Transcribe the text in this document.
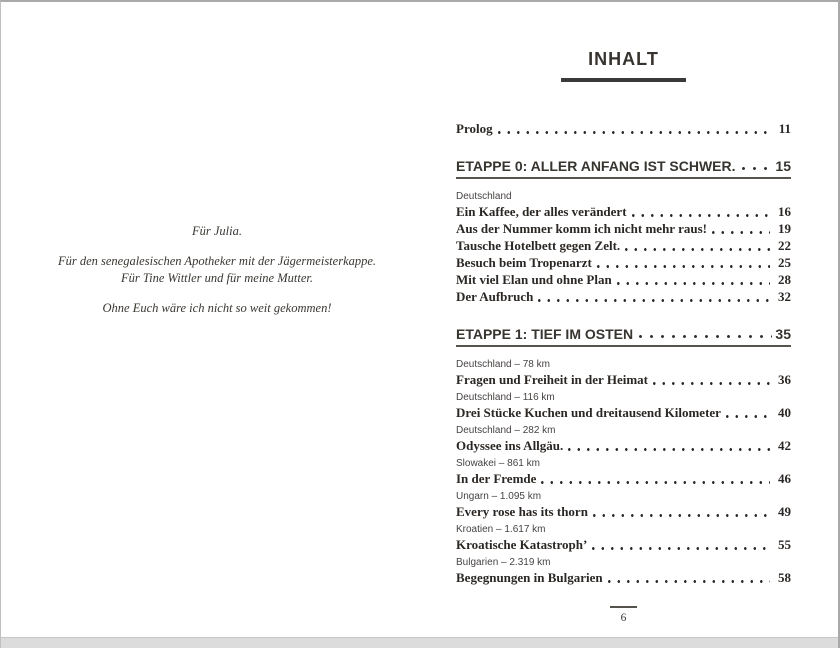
Für Julia.

Für den senegalesischen Apotheker mit der Jägermeisterkappe.

Für Tine Wittler und für meine Mutter.

Ohne Euch wäre ich nicht so weit gekommen!

INHALT
Prolog	11
ETAPPE 0: ALLER ANFANG IST SCHWER.	15
Deutschland
Ein Kaffee, der alles verändert	16
Aus der Nummer komm ich nicht mehr raus!	19
Tausche Hotelbett gegen Zelt.	22
Besuch beim Tropenarzt	25
Mit viel Elan und ohne Plan	28
Der Aufbruch	32
ETAPPE 1: TIEF IM OSTEN	35
Deutschland – 78 km
Fragen und Freiheit in der Heimat	36
Deutschland – 116 km
Drei Stücke Kuchen und dreitausend Kilometer	40
Deutschland – 282 km
Odyssee ins Allgäu.	42
Slowakei – 861 km
In der Fremde	46
Ungarn – 1.095 km
Every rose has its thorn	49
Kroatien – 1.617 km
Kroatische Katastroph’	55
Bulgarien – 2.319 km
Begegnungen in Bulgarien	58
6
